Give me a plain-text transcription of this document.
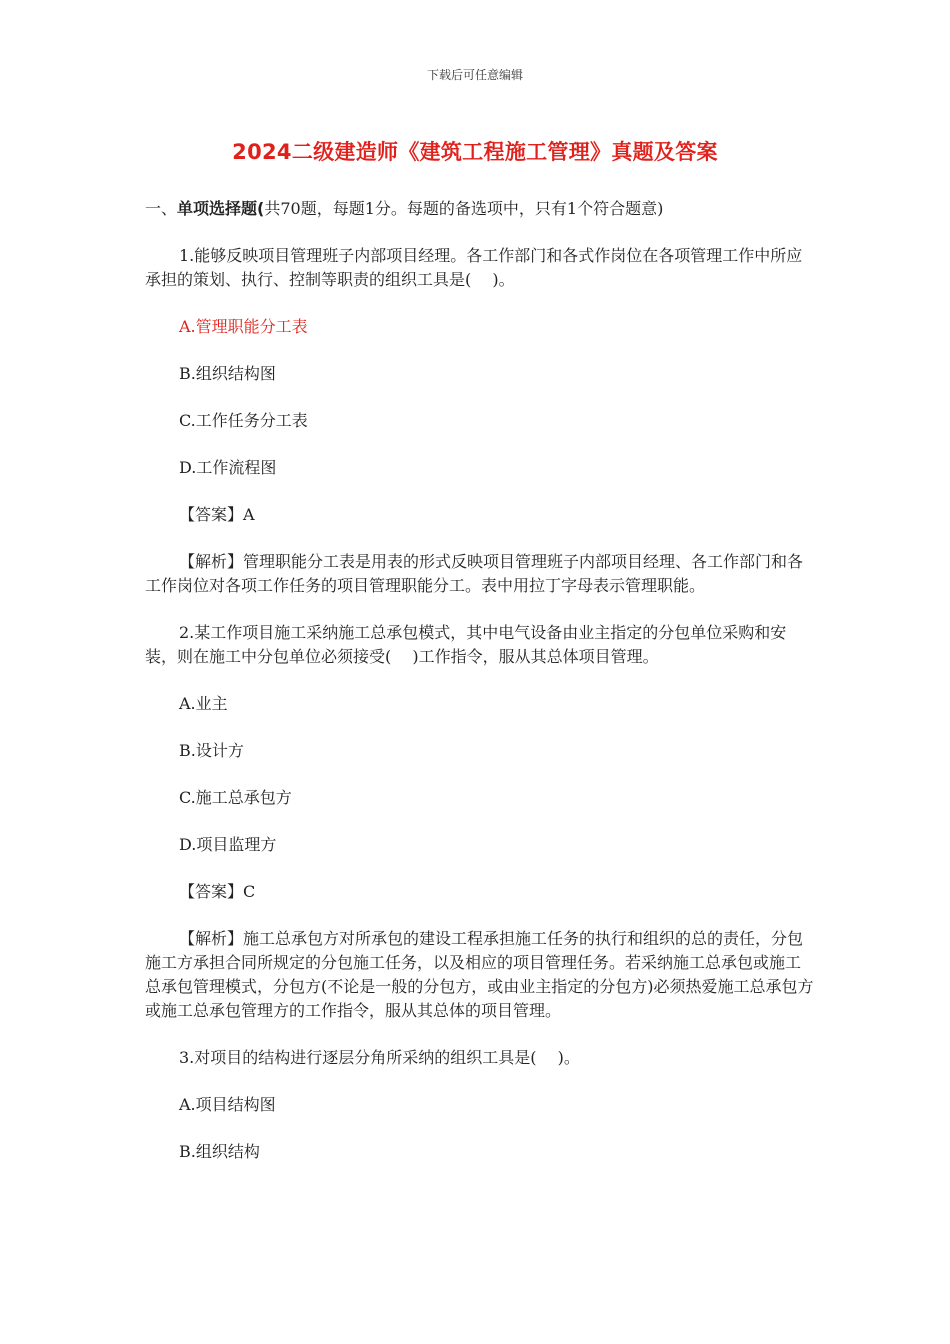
下载后可任意编辑
2024二级建造师《建筑工程施工管理》真题及答案

一、单项选择题(共70题，每题1分。每题的备选项中，只有1个符合题意)

1.能够反映项目管理班子内部项目经理。各工作部门和各式作岗位在各项管理工作中所应承担的策划、执行、控制等职责的组织工具是(　 )。

A.管理职能分工表

B.组织结构图

C.工作任务分工表

D.工作流程图

【答案】A

【解析】管理职能分工表是用表的形式反映项目管理班子内部项目经理、各工作部门和各工作岗位对各项工作任务的项目管理职能分工。表中用拉丁字母表示管理职能。

2.某工作项目施工采纳施工总承包模式，其中电气设备由业主指定的分包单位采购和安装，则在施工中分包单位必须接受(　 )工作指令，服从其总体项目管理。

A.业主

B.设计方

C.施工总承包方

D.项目监理方

【答案】C

【解析】施工总承包方对所承包的建设工程承担施工任务的执行和组织的总的责任，分包施工方承担合同所规定的分包施工任务，以及相应的项目管理任务。若采纳施工总承包或施工总承包管理模式，分包方(不论是一般的分包方，或由业主指定的分包方)必须热爱施工总承包方或施工总承包管理方的工作指令，服从其总体的项目管理。

3.对项目的结构进行逐层分角所采纳的组织工具是(　 )。

A.项目结构图

B.组织结构
